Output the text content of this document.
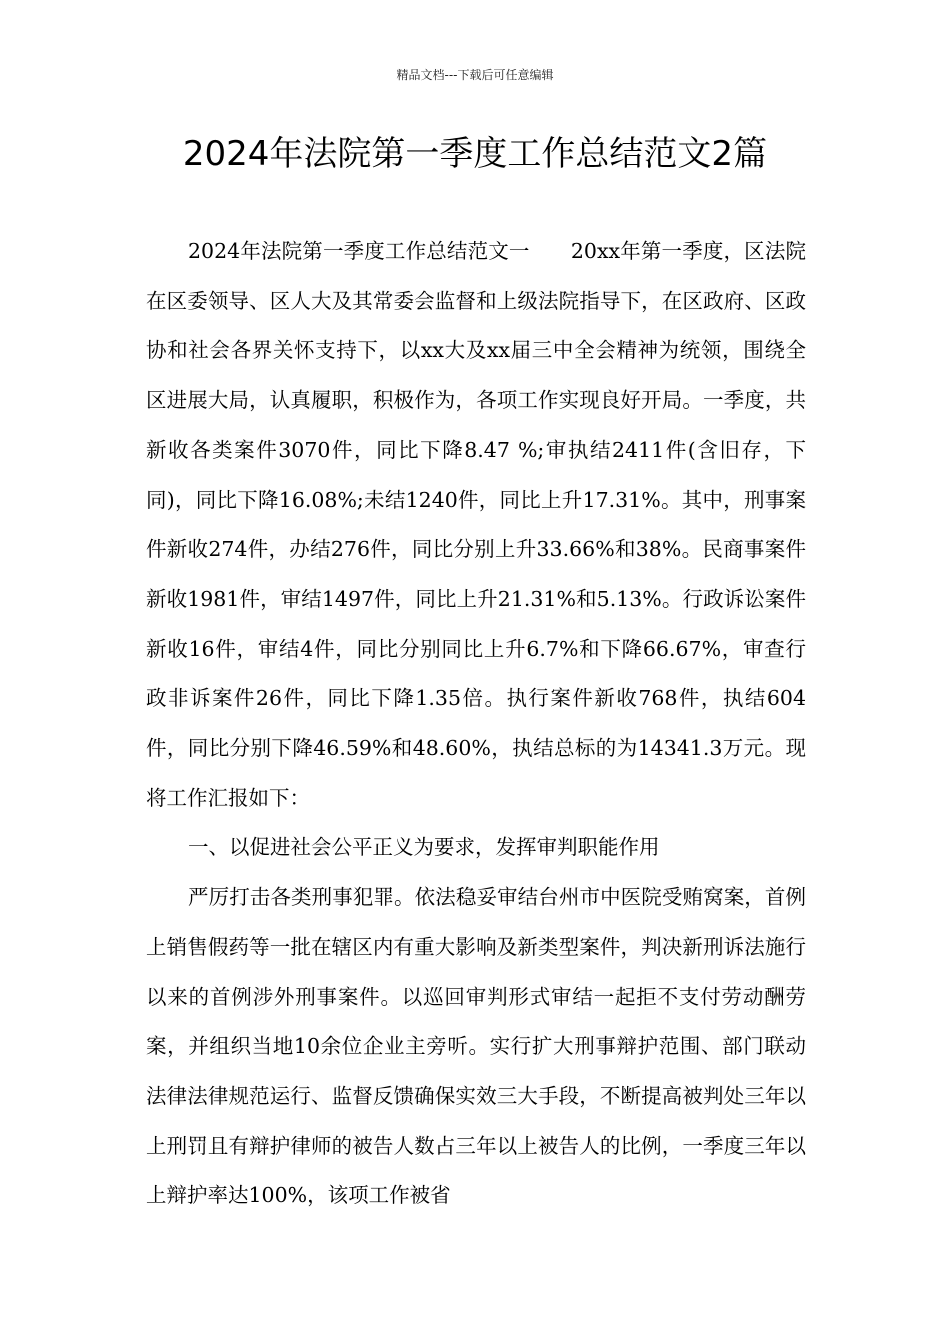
精品文档---下载后可任意编辑
2024年法院第一季度工作总结范文2篇

2024年法院第一季度工作总结范文一　　20xx年第一季度，区法院在区委领导、区人大及其常委会监督和上级法院指导下，在区政府、区政协和社会各界关怀支持下，以xx大及xx届三中全会精神为统领，围绕全区进展大局，认真履职，积极作为，各项工作实现良好开局。一季度，共新收各类案件3070件，同比下降8.47 %;审执结2411件(含旧存，下同)，同比下降16.08%;未结1240件，同比上升17.31%。其中，刑事案件新收274件，办结276件，同比分别上升33.66%和38%。民商事案件新收1981件，审结1497件，同比上升21.31%和5.13%。行政诉讼案件新收16件，审结4件，同比分别同比上升6.7%和下降66.67%，审查行政非诉案件26件，同比下降1.35倍。执行案件新收768件，执结604件，同比分别下降46.59%和48.60%，执结总标的为14341.3万元。现将工作汇报如下：

一、以促进社会公平正义为要求，发挥审判职能作用

严厉打击各类刑事犯罪。依法稳妥审结台州市中医院受贿窝案，首例上销售假药等一批在辖区内有重大影响及新类型案件，判决新刑诉法施行以来的首例涉外刑事案件。以巡回审判形式审结一起拒不支付劳动酬劳案，并组织当地10余位企业主旁听。实行扩大刑事辩护范围、部门联动法律法律规范运行、监督反馈确保实效三大手段，不断提高被判处三年以上刑罚且有辩护律师的被告人数占三年以上被告人的比例，一季度三年以上辩护率达100%，该项工作被省
